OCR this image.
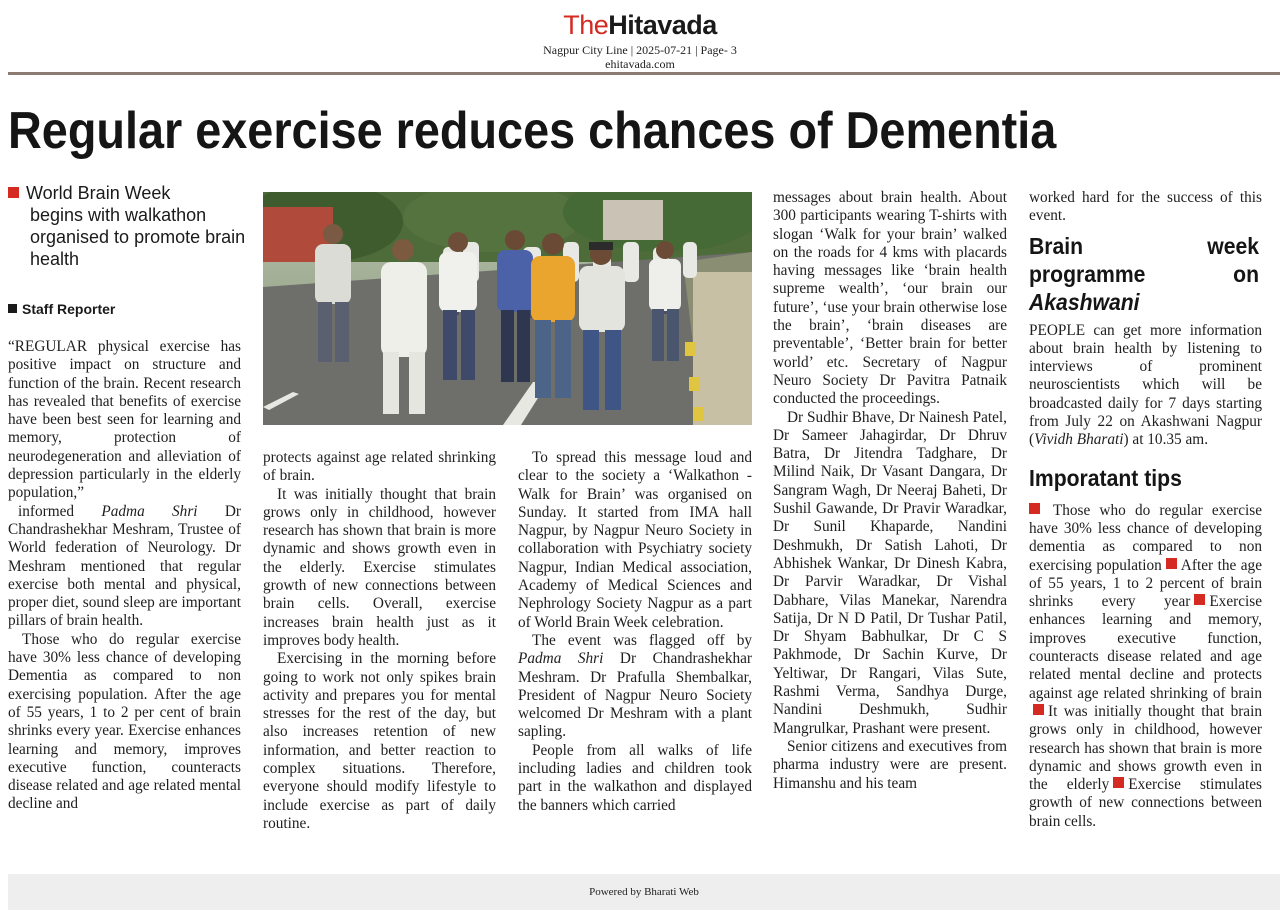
TheHitavada
Nagpur City Line | 2025-07-21 | Page- 3
ehitavada.com
Regular exercise reduces chances of Dementia
World Brain Week
begins with walkathon organised to promote brain health
Staff Reporter

“REGULAR physical exercise has positive impact on structure and function of the brain. Recent research has revealed that benefits of exercise have been best seen for learning and memory, protection of neurodegeneration and alleviation of depression particularly in the elderly population,”

informed Padma Shri Dr Chandrashekhar Meshram, Trustee of World federation of Neurology. Dr Meshram mentioned that regular exercise both mental and physical, proper diet, sound sleep are important pillars of brain health.

Those who do regular exercise have 30% less chance of developing Dementia as compared to non exercising population. After the age of 55 years, 1 to 2 per cent of brain shrinks every year. Exercise enhances learning and memory, improves executive function, counteracts disease related and age related mental decline and

protects against age related shrinking of brain.

It was initially thought that brain grows only in childhood, however research has shown that brain is more dynamic and shows growth even in the elderly. Exercise stimulates growth of new connections between brain cells. Overall, exercise increases brain health just as it improves body health.

Exercising in the morning before going to work not only spikes brain activity and prepares you for mental stresses for the rest of the day, but also increases retention of new information, and better reaction to complex situations. Therefore, everyone should modify lifestyle to include exercise as part of daily routine.

To spread this message loud and clear to the society a ‘Walkathon - Walk for Brain’ was organised on Sunday. It started from IMA hall Nagpur, by Nagpur Neuro Society in collaboration with Psychiatry society Nagpur, Indian Medical association, Academy of Medical Sciences and Nephrology Society Nagpur as a part of World Brain Week celebration.

The event was flagged off by Padma Shri Dr Chandrashekhar Meshram. Dr Prafulla Shembalkar, President of Nagpur Neuro Society welcomed Dr Meshram with a plant sapling.

People from all walks of life including ladies and children took part in the walkathon and displayed the banners which carried

messages about brain health. About 300 participants wearing T-shirts with slogan ‘Walk for your brain’ walked on the roads for 4 kms with placards having messages like ‘brain health supreme wealth’, ‘our brain our future’, ‘use your brain otherwise lose the brain’, ‘brain diseases are preventable’, ‘Better brain for better world’ etc. Secretary of Nagpur Neuro Society Dr Pavitra Patnaik conducted the proceedings.

Dr Sudhir Bhave, Dr Nainesh Patel, Dr Sameer Jahagirdar, Dr Dhruv Batra, Dr Jitendra Tadghare, Dr Milind Naik, Dr Vasant Dangara, Dr Sangram Wagh, Dr Neeraj Baheti, Dr Sushil Gawande, Dr Pravir Waradkar, Dr Sunil Khaparde, Nandini Deshmukh, Dr Satish Lahoti, Dr Abhishek Wankar, Dr Dinesh Kabra, Dr Parvir Waradkar, Dr Vishal Dabhare, Vilas Manekar, Narendra Satija, Dr N D Patil, Dr Tushar Patil, Dr Shyam Babhulkar, Dr C S Pakhmode, Dr Sachin Kurve, Dr Yeltiwar, Dr Rangari, Vilas Sute, Rashmi Verma, Sandhya Durge, Nandini Deshmukh, Sudhir Mangrulkar, Prashant were present.

Senior citizens and executives from pharma industry were are present. Himanshu and his team

worked hard for the success of this event.

Brain week programme on Akashwani

PEOPLE can get more information about brain health by listening to interviews of prominent neuroscientists which will be broadcasted daily for 7 days starting from July 22 on Akashwani Nagpur (Vividh Bharati) at 10.35 am.

Imporatant tips

Those who do regular exercise have 30% less chance of developing dementia as compared to non exercising population After the age of 55 years, 1 to 2 percent of brain shrinks every year Exercise enhances learning and memory, improves executive function, counteracts disease related and age related mental decline and protects against age related shrinking of brainIt was initially thought that brain grows only in childhood, however research has shown that brain is more dynamic and shows growth even in the elderly Exercise stimulates growth of new connections between brain cells.

Powered by Bharati Web
